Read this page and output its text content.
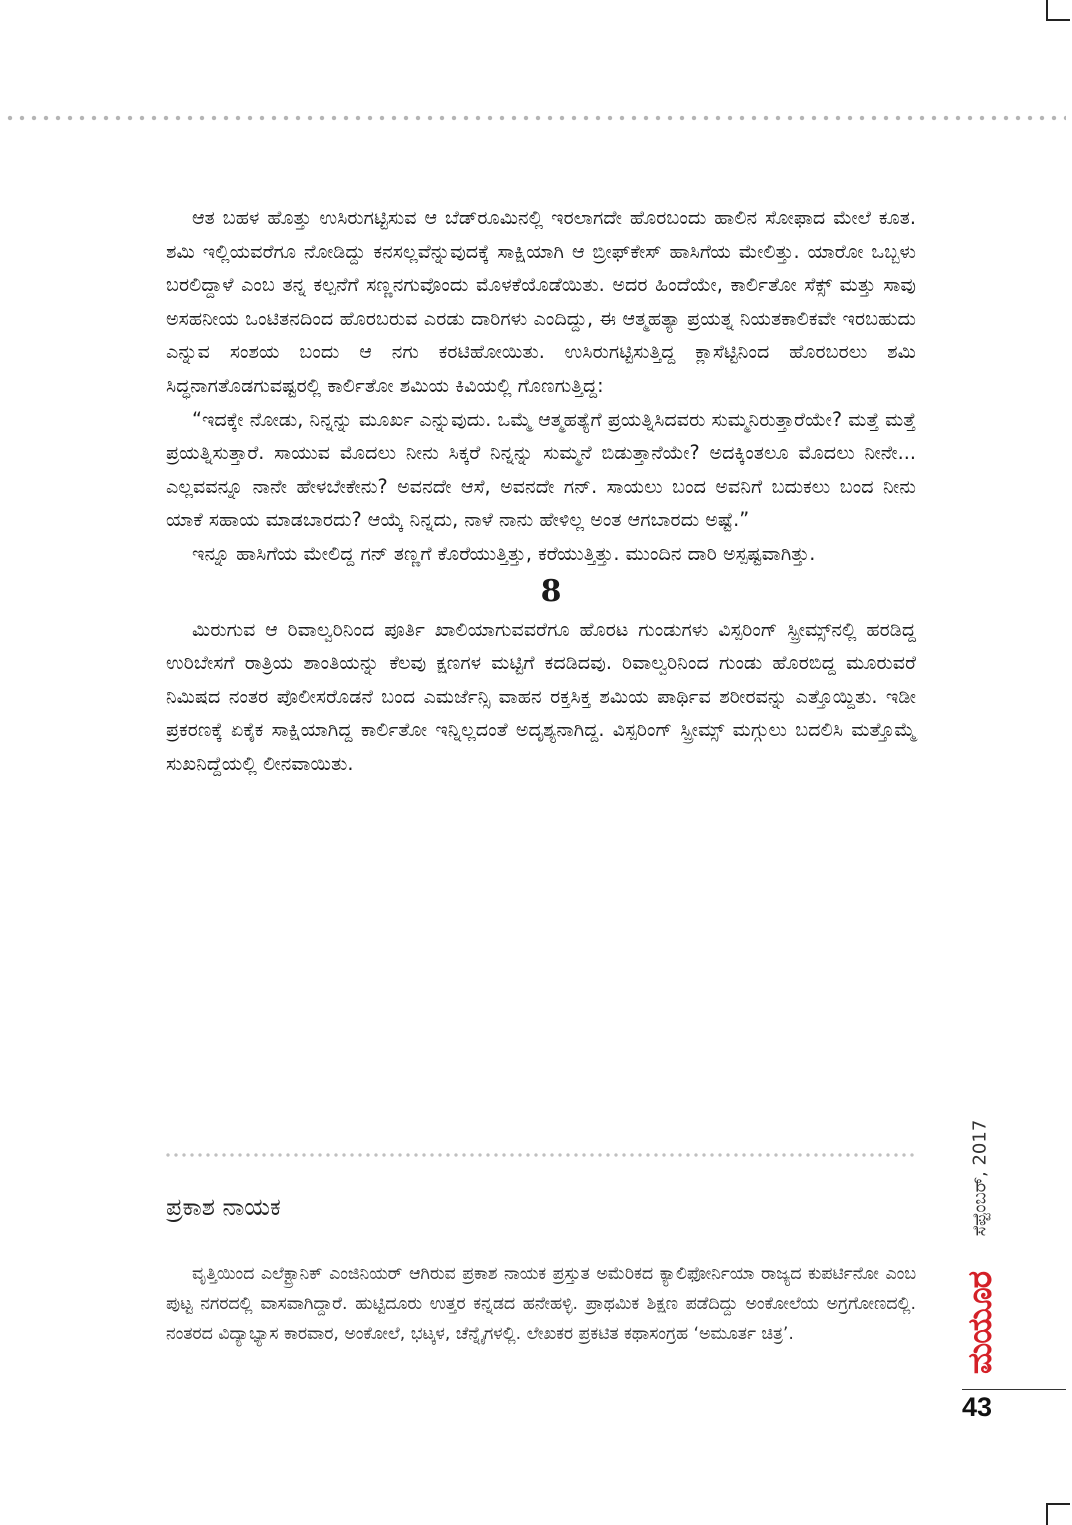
ಆತ ಬಹಳ ಹೊತ್ತು ಉಸಿರುಗಟ್ಟಿಸುವ ಆ ಬೆಡ್‌ರೂಮಿನಲ್ಲಿ ಇರಲಾಗದೇ ಹೊರಬಂದು ಹಾಲಿನ ಸೋಫಾದ ಮೇಲೆ ಕೂತ. ಶಮಿ ಇಲ್ಲಿಯವರೆಗೂ ನೋಡಿದ್ದು ಕನಸಲ್ಲವೆನ್ನುವುದಕ್ಕೆ ಸಾಕ್ಷಿಯಾಗಿ ಆ ಬ್ರೀಫ್‌ಕೇಸ್ ಹಾಸಿಗೆಯ ಮೇಲಿತ್ತು. ಯಾರೋ ಒಬ್ಬಳು ಬರಲಿದ್ದಾಳೆ ಎಂಬ ತನ್ನ ಕಲ್ಪನೆಗೆ ಸಣ್ಣನಗುವೊಂದು ಮೊಳಕೆಯೊಡೆಯಿತು. ಅದರ ಹಿಂದೆಯೇ, ಕಾರ್ಲಿತೋ ಸೆಕ್ಸ್ ಮತ್ತು ಸಾವು ಅಸಹನೀಯ ಒಂಟಿತನದಿಂದ ಹೊರಬರುವ ಎರಡು ದಾರಿಗಳು ಎಂದಿದ್ದು, ಈ ಆತ್ಮಹತ್ಯಾ ಪ್ರಯತ್ನ ನಿಯತಕಾಲಿಕವೇ ಇರಬಹುದು ಎನ್ನುವ ಸಂಶಯ ಬಂದು ಆ ನಗು ಕರಟಿಹೋಯಿತು. ಉಸಿರುಗಟ್ಟಿಸುತ್ತಿದ್ದ ಕ್ಲಾಸೆಟ್ಟಿನಿಂದ ಹೊರಬರಲು ಶಮಿ ಸಿದ್ಧನಾಗತೊಡಗುವಷ್ಟರಲ್ಲಿ ಕಾರ್ಲಿತೋ ಶಮಿಯ ಕಿವಿಯಲ್ಲಿ ಗೊಣಗುತ್ತಿದ್ದ:

“ಇದಕ್ಕೇ ನೋಡು, ನಿನ್ನನ್ನು ಮೂರ್ಖ ಎನ್ನುವುದು. ಒಮ್ಮೆ ಆತ್ಮಹತ್ಯೆಗೆ ಪ್ರಯತ್ನಿಸಿದವರು ಸುಮ್ಮನಿರುತ್ತಾರೆಯೇ? ಮತ್ತೆ ಮತ್ತೆ ಪ್ರಯತ್ನಿಸುತ್ತಾರೆ. ಸಾಯುವ ಮೊದಲು ನೀನು ಸಿಕ್ಕರೆ ನಿನ್ನನ್ನು ಸುಮ್ಮನೆ ಬಿಡುತ್ತಾನೆಯೇ? ಅದಕ್ಕಿಂತಲೂ ಮೊದಲು ನೀನೇ... ಎಲ್ಲವವನ್ನೂ ನಾನೇ ಹೇಳಬೇಕೇನು? ಅವನದೇ ಆಸೆ, ಅವನದೇ ಗನ್. ಸಾಯಲು ಬಂದ ಅವನಿಗೆ ಬದುಕಲು ಬಂದ ನೀನು ಯಾಕೆ ಸಹಾಯ ಮಾಡಬಾರದು? ಆಯ್ಕೆ ನಿನ್ನದು, ನಾಳೆ ನಾನು ಹೇಳಿಲ್ಲ ಅಂತ ಆಗಬಾರದು ಅಷ್ಟೆ.”

ಇನ್ನೂ ಹಾಸಿಗೆಯ ಮೇಲಿದ್ದ ಗನ್ ತಣ್ಣಗೆ ಕೊರೆಯುತ್ತಿತ್ತು, ಕರೆಯುತ್ತಿತ್ತು. ಮುಂದಿನ ದಾರಿ ಅಸ್ಪಷ್ಟವಾಗಿತ್ತು.

8

ಮಿರುಗುವ ಆ ರಿವಾಲ್ವರಿನಿಂದ ಪೂರ್ತಿ ಖಾಲಿಯಾಗುವವರೆಗೂ ಹೊರಟ ಗುಂಡುಗಳು ವಿಸ್ಪರಿಂಗ್ ಸ್ಪ್ರೀಮ್ಸ್‌ನಲ್ಲಿ ಹರಡಿದ್ದ ಉರಿಬೇಸಗೆ ರಾತ್ರಿಯ ಶಾಂತಿಯನ್ನು ಕೆಲವು ಕ್ಷಣಗಳ ಮಟ್ಟಿಗೆ ಕದಡಿದವು. ರಿವಾಲ್ವರಿನಿಂದ ಗುಂಡು ಹೊರಬಿದ್ದ ಮೂರುವರೆ ನಿಮಿಷದ ನಂತರ ಪೊಲೀಸರೊಡನೆ ಬಂದ ಎಮರ್ಜೆನ್ಸಿ ವಾಹನ ರಕ್ತಸಿಕ್ತ ಶಮಿಯ ಪಾರ್ಥಿವ ಶರೀರವನ್ನು ಎತ್ತೊಯ್ದಿತು. ಇಡೀ ಪ್ರಕರಣಕ್ಕೆ ಏಕೈಕ ಸಾಕ್ಷಿಯಾಗಿದ್ದ ಕಾರ್ಲಿತೋ ಇನ್ನಿಲ್ಲದಂತೆ ಅದೃಶ್ಯನಾಗಿದ್ದ. ವಿಸ್ಪರಿಂಗ್ ಸ್ಪ್ರೀಮ್ಸ್ ಮಗ್ಗುಲು ಬದಲಿಸಿ ಮತ್ತೊಮ್ಮೆ ಸುಖನಿದ್ದೆಯಲ್ಲಿ ಲೀನವಾಯಿತು.

ಪ್ರಕಾಶ ನಾಯಕ

ವೃತ್ತಿಯಿಂದ ಎಲೆಕ್ಟ್ರಾನಿಕ್ ಎಂಜಿನಿಯರ್ ಆಗಿರುವ ಪ್ರಕಾಶ ನಾಯಕ ಪ್ರಸ್ತುತ ಅಮೆರಿಕದ ಕ್ಯಾಲಿಫೋರ್ನಿಯಾ ರಾಜ್ಯದ ಕುಪರ್ಟಿನೋ ಎಂಬ ಪುಟ್ಟ ನಗರದಲ್ಲಿ ವಾಸವಾಗಿದ್ದಾರೆ. ಹುಟ್ಟಿದೂರು ಉತ್ತರ ಕನ್ನಡದ ಹನೇಹಳ್ಳಿ. ಪ್ರಾಥಮಿಕ ಶಿಕ್ಷಣ ಪಡೆದಿದ್ದು ಅಂಕೋಲೆಯ ಅಗ್ರಗೋಣದಲ್ಲಿ. ನಂತರದ ವಿದ್ಯಾಭ್ಯಾಸ ಕಾರವಾರ, ಅಂಕೋಲೆ, ಭಟ್ಕಳ, ಚೆನ್ನೈಗಳಲ್ಲಿ. ಲೇಖಕರ ಪ್ರಕಟಿತ ಕಥಾಸಂಗ್ರಹ ‘ಅಮೂರ್ತ ಚಿತ್ರ’.

ಸೆಪ್ಟೆಂಬರ್, 2017
ಮಯೂರ
43
